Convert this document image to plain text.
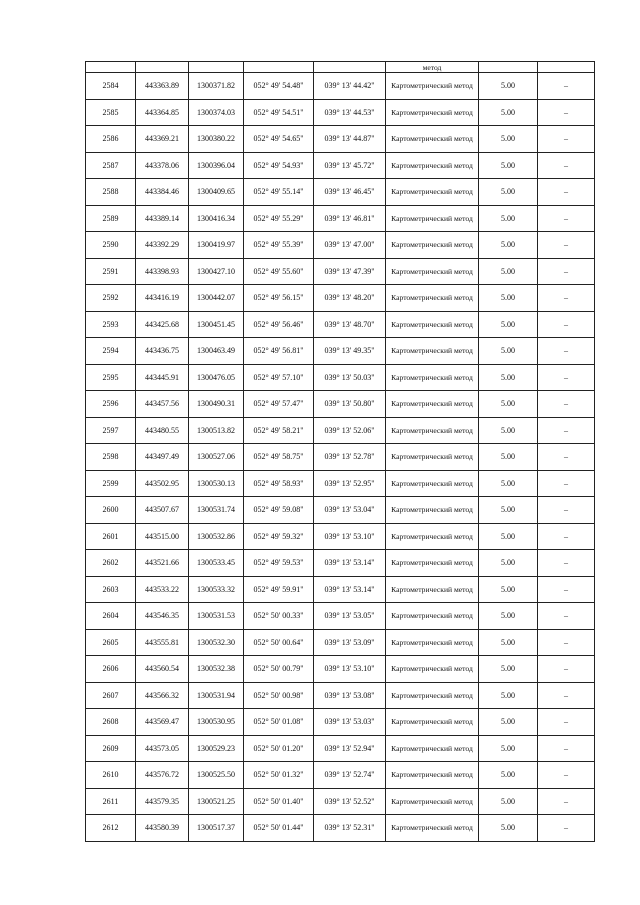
					метод		
2584	443363.89	1300371.82	052° 49' 54.48"	039° 13' 44.42"	Картометрический метод	5.00	–
2585	443364.85	1300374.03	052° 49' 54.51"	039° 13' 44.53"	Картометрический метод	5.00	–
2586	443369.21	1300380.22	052° 49' 54.65"	039° 13' 44.87"	Картометрический метод	5.00	–
2587	443378.06	1300396.04	052° 49' 54.93"	039° 13' 45.72"	Картометрический метод	5.00	–
2588	443384.46	1300409.65	052° 49' 55.14"	039° 13' 46.45"	Картометрический метод	5.00	–
2589	443389.14	1300416.34	052° 49' 55.29"	039° 13' 46.81"	Картометрический метод	5.00	–
2590	443392.29	1300419.97	052° 49' 55.39"	039° 13' 47.00"	Картометрический метод	5.00	–
2591	443398.93	1300427.10	052° 49' 55.60"	039° 13' 47.39"	Картометрический метод	5.00	–
2592	443416.19	1300442.07	052° 49' 56.15"	039° 13' 48.20"	Картометрический метод	5.00	–
2593	443425.68	1300451.45	052° 49' 56.46"	039° 13' 48.70"	Картометрический метод	5.00	–
2594	443436.75	1300463.49	052° 49' 56.81"	039° 13' 49.35"	Картометрический метод	5.00	–
2595	443445.91	1300476.05	052° 49' 57.10"	039° 13' 50.03"	Картометрический метод	5.00	–
2596	443457.56	1300490.31	052° 49' 57.47"	039° 13' 50.80"	Картометрический метод	5.00	–
2597	443480.55	1300513.82	052° 49' 58.21"	039° 13' 52.06"	Картометрический метод	5.00	–
2598	443497.49	1300527.06	052° 49' 58.75"	039° 13' 52.78"	Картометрический метод	5.00	–
2599	443502.95	1300530.13	052° 49' 58.93"	039° 13' 52.95"	Картометрический метод	5.00	–
2600	443507.67	1300531.74	052° 49' 59.08"	039° 13' 53.04"	Картометрический метод	5.00	–
2601	443515.00	1300532.86	052° 49' 59.32"	039° 13' 53.10"	Картометрический метод	5.00	–
2602	443521.66	1300533.45	052° 49' 59.53"	039° 13' 53.14"	Картометрический метод	5.00	–
2603	443533.22	1300533.32	052° 49' 59.91"	039° 13' 53.14"	Картометрический метод	5.00	–
2604	443546.35	1300531.53	052° 50' 00.33"	039° 13' 53.05"	Картометрический метод	5.00	–
2605	443555.81	1300532.30	052° 50' 00.64"	039° 13' 53.09"	Картометрический метод	5.00	–
2606	443560.54	1300532.38	052° 50' 00.79"	039° 13' 53.10"	Картометрический метод	5.00	–
2607	443566.32	1300531.94	052° 50' 00.98"	039° 13' 53.08"	Картометрический метод	5.00	–
2608	443569.47	1300530.95	052° 50' 01.08"	039° 13' 53.03"	Картометрический метод	5.00	–
2609	443573.05	1300529.23	052° 50' 01.20"	039° 13' 52.94"	Картометрический метод	5.00	–
2610	443576.72	1300525.50	052° 50' 01.32"	039° 13' 52.74"	Картометрический метод	5.00	–
2611	443579.35	1300521.25	052° 50' 01.40"	039° 13' 52.52"	Картометрический метод	5.00	–
2612	443580.39	1300517.37	052° 50' 01.44"	039° 13' 52.31"	Картометрический метод	5.00	–
